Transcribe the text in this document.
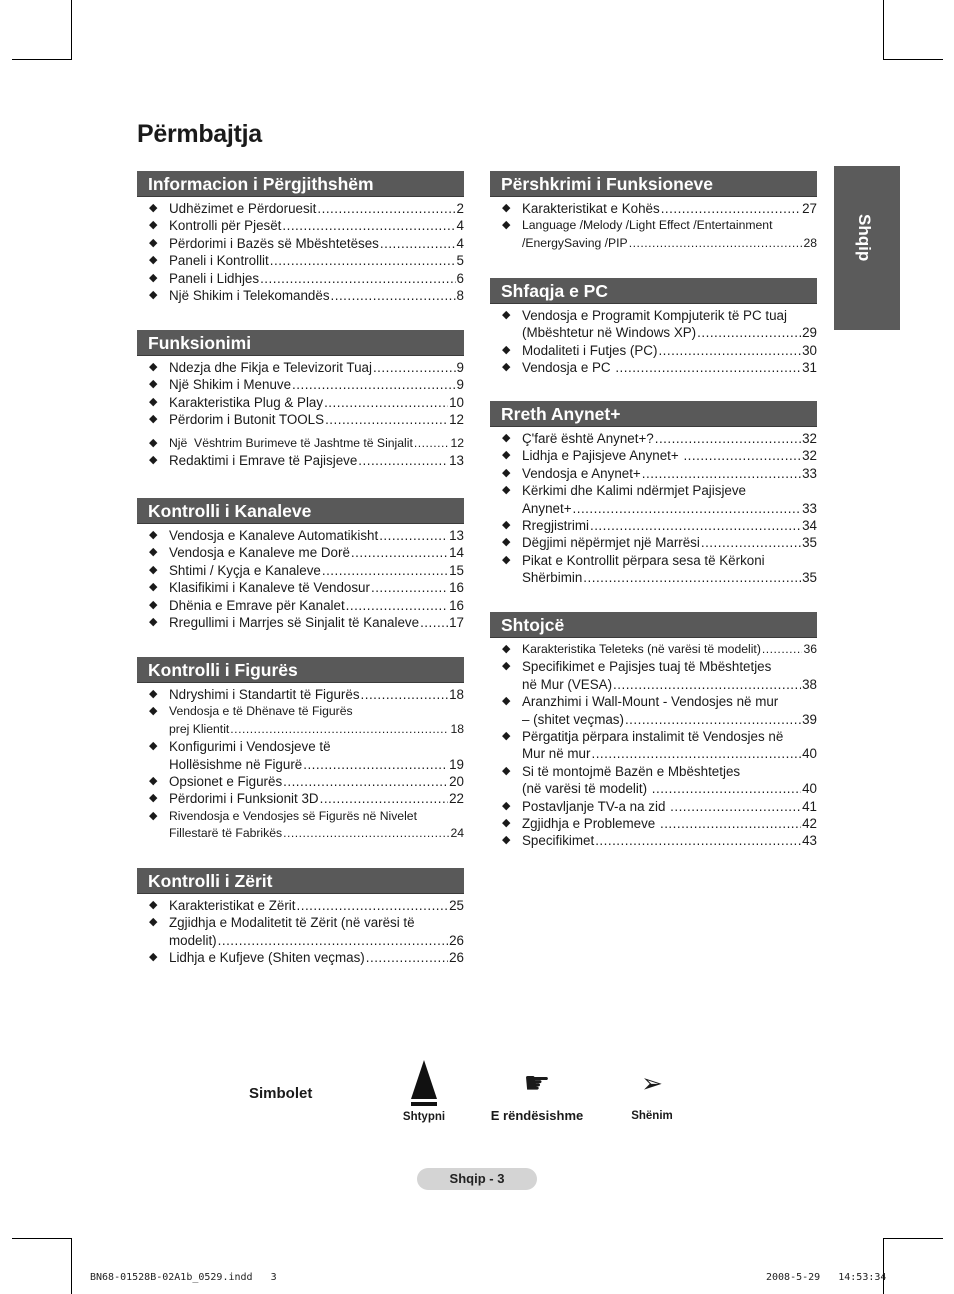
Përmbajtja
Shqip
Informacion i Përgjithshëm
◆ Udhëzimet e Përdoruesit .....	2
◆ Kontrolli për Pjesët .....	4
◆ Përdorimi i Bazës së Mbështetëses .....	4
◆ Paneli i Kontrollit .....	5
◆ Paneli i Lidhjes .....	6
◆ Një Shikim i Telekomandës .....	8
Funksionimi
◆ Ndezja dhe Fikja e Televizorit Tuaj .....	9
◆ Një Shikim i Menuve .....	9
◆ Karakteristika Plug & Play .....	10
◆ Përdorim i Butonit TOOLS .....	12
◆ Një  Vështrim Burimeve të Jashtme të Sinjalit .....	12
◆ Redaktimi i Emrave të Pajisjeve .....	13
Kontrolli i Kanaleve
◆ Vendosja e Kanaleve Automatikisht .....	13
◆ Vendosja e Kanaleve me Dorë .....	14
◆ Shtimi / Kyçja e Kanaleve .....	15
◆ Klasifikimi i Kanaleve të Vendosur .....	16
◆ Dhënia e Emrave për Kanalet .....	16
◆ Rregullimi i Marrjes së Sinjalit të Kanaleve ..... 17
Kontrolli i Figurës
◆ Ndryshimi i Standartit të Figurës .....	18
◆ Vendosja e të Dhënave të Figurës
prej Klientit .....	18
◆ Konfigurimi i Vendosjeve të
Hollësishme në Figurë .....	19
◆ Opsionet e Figurës .....	20
◆ Përdorimi i Funksionit 3D .....	22
◆ Rivendosja e Vendosjes së Figurës në Nivelet
Fillestarë të Fabrikës .....	24
Kontrolli i Zërit
◆ Karakteristikat e Zërit .....	25
◆ Zgjidhja e Modalitetit të Zërit (në varësi të
modelit) .....	26
◆ Lidhja e Kufjeve (Shiten veçmas) .....	26
Përshkrimi i Funksioneve
◆ Karakteristikat e Kohës .....	27
◆ Language /Melody /Light Effect /Entertainment
/EnergySaving /PIP .....	28
Shfaqja e PC
◆ Vendosja e Programit Kompjuterik të PC tuaj
(Mbështetur në Windows XP) .....	29
◆ Modaliteti i Futjes (PC) .....	30
◆ Vendosja e PC .....	31
Rreth Anynet+
◆ Ç'farë është Anynet+? .....	32
◆ Lidhja e Pajisjeve Anynet+ .....	32
◆ Vendosja e Anynet+ .....	33
◆ Kërkimi dhe Kalimi ndërmjet Pajisjeve
Anynet+ .....	33
◆ Rregjistrimi .....	34
◆ Dëgjimi nëpërmjet një Marrësi .....	35
◆ Pikat e Kontrollit përpara sesa të Kërkoni
Shërbimin .....	35
Shtojcë
◆ Karakteristika Teleteks (në varësi të modelit) .....	36
◆ Specifikimet e Pajisjes tuaj të Mbështetjes
në Mur (VESA) .....	38
◆ Aranzhimi i Wall-Mount - Vendosjes në mur
– (shitet veçmas) .....	39
◆ Përgatitja përpara instalimit të Vendosjes në
Mur në mur .....	40
◆ Si të montojmë Bazën e Mbështetjes
(në varësi të modelit) .....	40
◆ Postavljanje TV-a na zid .....	41
◆ Zgjidhja e Problemeve .....	42
◆ Specifikimet .....	43
Simbolet
Shtypni
☛
E rëndësishme
➢
Shënim
Shqip - 3
BN68-01528B-02A1b_0529.indd   3	2008-5-29   14:53:34
